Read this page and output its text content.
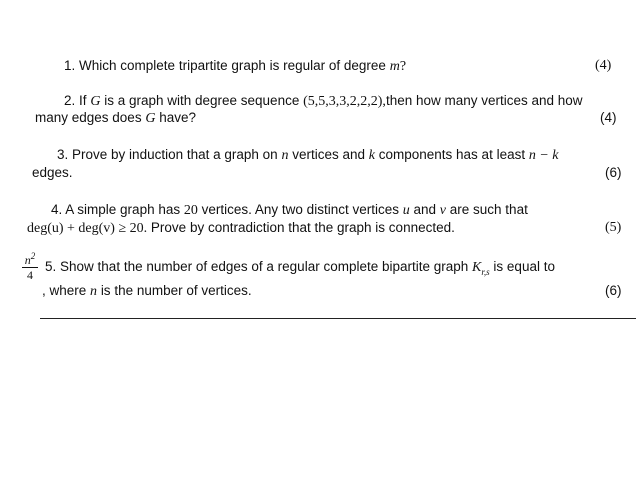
1. Which complete tripartite graph is regular of degree m?	(4)
2. If G is a graph with degree sequence (5,5,3,3,2,2,2),then how many vertices and how
many edges does G have?	(4)
3. Prove by induction that a graph on n vertices and k components has at least n − k
edges.	(6)
4. A simple graph has 20 vertices. Any two distinct vertices u and v are such that
deg(u) + deg(v) ≥ 20. Prove by contradiction that the graph is connected.	(5)
5. Show that the number of edges of a regular complete bipartite graph $K_{r,s}$ is equal to
$n^2$
4
, where n is the number of vertices.	(6)
